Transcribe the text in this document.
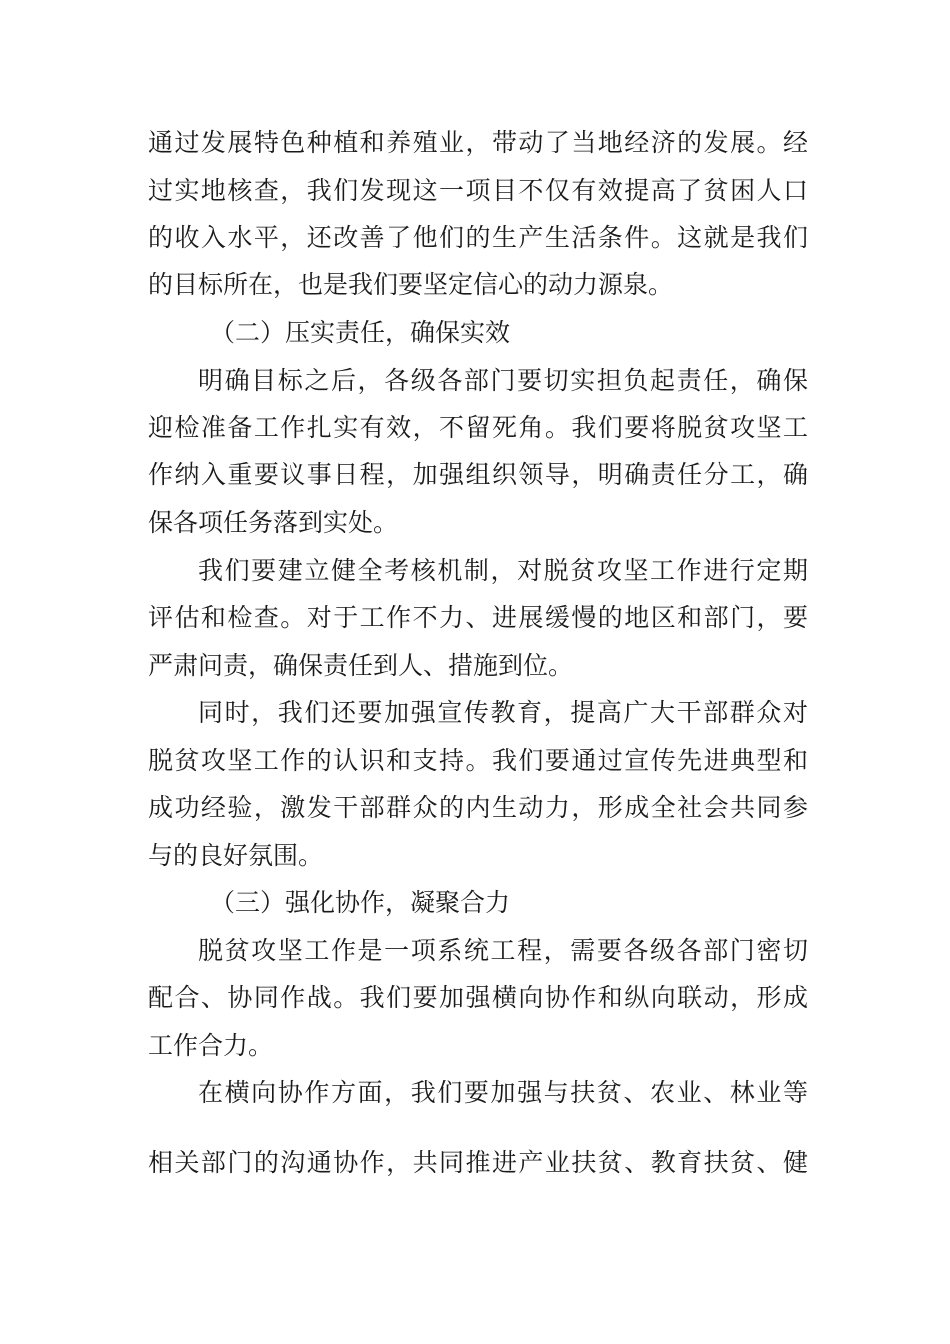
通过发展特色种植和养殖业，带动了当地经济的发展。经
过实地核查，我们发现这一项目不仅有效提高了贫困人口
的收入水平，还改善了他们的生产生活条件。这就是我们
的目标所在，也是我们要坚定信心的动力源泉。
（二）压实责任，确保实效
明确目标之后，各级各部门要切实担负起责任，确保
迎检准备工作扎实有效，不留死角。我们要将脱贫攻坚工
作纳入重要议事日程，加强组织领导，明确责任分工，确
保各项任务落到实处。
我们要建立健全考核机制，对脱贫攻坚工作进行定期
评估和检查。对于工作不力、进展缓慢的地区和部门，要
严肃问责，确保责任到人、措施到位。
同时，我们还要加强宣传教育，提高广大干部群众对
脱贫攻坚工作的认识和支持。我们要通过宣传先进典型和
成功经验，激发干部群众的内生动力，形成全社会共同参
与的良好氛围。
（三）强化协作，凝聚合力
脱贫攻坚工作是一项系统工程，需要各级各部门密切
配合、协同作战。我们要加强横向协作和纵向联动，形成
工作合力。
在横向协作方面，我们要加强与扶贫、农业、林业等
相关部门的沟通协作，共同推进产业扶贫、教育扶贫、健
